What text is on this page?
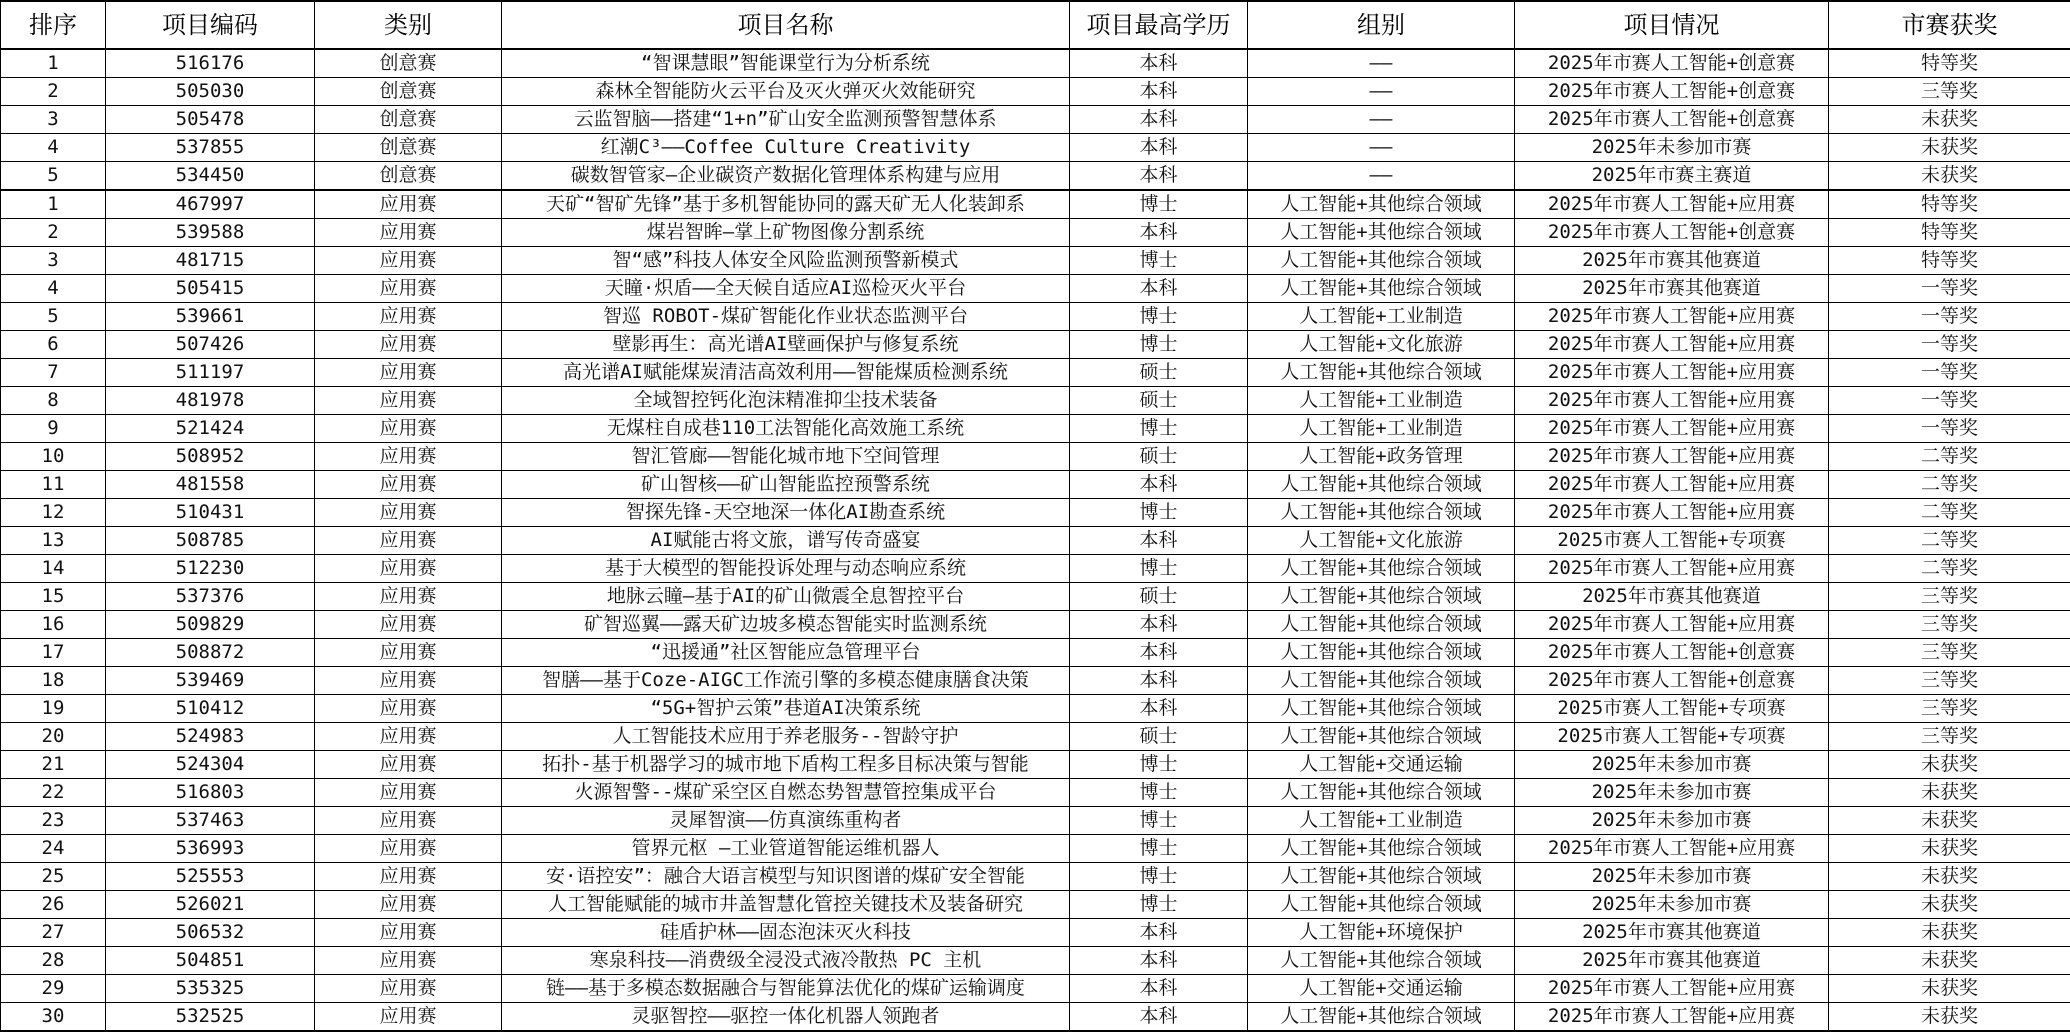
排序	项目编码	类别	项目名称	项目最高学历	组别	项目情况	市赛获奖
1	516176	创意赛	“智课慧眼”智能课堂行为分析系统	本科	——	2025年市赛人工智能+创意赛	特等奖
2	505030	创意赛	森林全智能防火云平台及灭火弹灭火效能研究	本科	——	2025年市赛人工智能+创意赛	三等奖
3	505478	创意赛	云监智脑——搭建“1+n”矿山安全监测预警智慧体系	本科	——	2025年市赛人工智能+创意赛	未获奖
4	537855	创意赛	红潮C³——Coffee Culture Creativity	本科	——	2025年未参加市赛	未获奖
5	534450	创意赛	碳数智管家—企业碳资产数据化管理体系构建与应用	本科	——	2025年市赛主赛道	未获奖
1	467997	应用赛	天矿“智矿先锋”基于多机智能协同的露天矿无人化装卸系	博士	人工智能+其他综合领域	2025年市赛人工智能+应用赛	特等奖
2	539588	应用赛	煤岩智眸—掌上矿物图像分割系统	本科	人工智能+其他综合领域	2025年市赛人工智能+创意赛	特等奖
3	481715	应用赛	智“感”科技人体安全风险监测预警新模式	博士	人工智能+其他综合领域	2025年市赛其他赛道	特等奖
4	505415	应用赛	天瞳·炽盾——全天候自适应AI巡检灭火平台	本科	人工智能+其他综合领域	2025年市赛其他赛道	一等奖
5	539661	应用赛	智巡 ROBOT-煤矿智能化作业状态监测平台	博士	人工智能+工业制造	2025年市赛人工智能+应用赛	一等奖
6	507426	应用赛	壁影再生：高光谱AI壁画保护与修复系统	博士	人工智能+文化旅游	2025年市赛人工智能+应用赛	一等奖
7	511197	应用赛	高光谱AI赋能煤炭清洁高效利用——智能煤质检测系统	硕士	人工智能+其他综合领域	2025年市赛人工智能+应用赛	一等奖
8	481978	应用赛	全域智控钙化泡沫精准抑尘技术装备	硕士	人工智能+工业制造	2025年市赛人工智能+应用赛	一等奖
9	521424	应用赛	无煤柱自成巷110工法智能化高效施工系统	博士	人工智能+工业制造	2025年市赛人工智能+应用赛	一等奖
10	508952	应用赛	智汇管廊——智能化城市地下空间管理	硕士	人工智能+政务管理	2025年市赛人工智能+应用赛	二等奖
11	481558	应用赛	矿山智核——矿山智能监控预警系统	本科	人工智能+其他综合领域	2025年市赛人工智能+应用赛	二等奖
12	510431	应用赛	智探先锋-天空地深一体化AI勘查系统	博士	人工智能+其他综合领域	2025年市赛人工智能+应用赛	二等奖
13	508785	应用赛	AI赋能古将文旅，谱写传奇盛宴	本科	人工智能+文化旅游	2025市赛人工智能+专项赛	二等奖
14	512230	应用赛	基于大模型的智能投诉处理与动态响应系统	博士	人工智能+其他综合领域	2025年市赛人工智能+应用赛	二等奖
15	537376	应用赛	地脉云瞳—基于AI的矿山微震全息智控平台	硕士	人工智能+其他综合领域	2025年市赛其他赛道	三等奖
16	509829	应用赛	矿智巡翼——露天矿边坡多模态智能实时监测系统	本科	人工智能+其他综合领域	2025年市赛人工智能+应用赛	三等奖
17	508872	应用赛	“迅援通”社区智能应急管理平台	本科	人工智能+其他综合领域	2025年市赛人工智能+创意赛	三等奖
18	539469	应用赛	智膳——基于Coze-AIGC工作流引擎的多模态健康膳食决策	本科	人工智能+其他综合领域	2025年市赛人工智能+创意赛	三等奖
19	510412	应用赛	“5G+智护云策”巷道AI决策系统	本科	人工智能+其他综合领域	2025市赛人工智能+专项赛	三等奖
20	524983	应用赛	人工智能技术应用于养老服务--智龄守护	硕士	人工智能+其他综合领域	2025市赛人工智能+专项赛	三等奖
21	524304	应用赛	拓扑-基于机器学习的城市地下盾构工程多目标决策与智能	博士	人工智能+交通运输	2025年未参加市赛	未获奖
22	516803	应用赛	火源智警--煤矿采空区自燃态势智慧管控集成平台	博士	人工智能+其他综合领域	2025年未参加市赛	未获奖
23	537463	应用赛	灵犀智演——仿真演练重构者	博士	人工智能+工业制造	2025年未参加市赛	未获奖
24	536993	应用赛	管界元枢 —工业管道智能运维机器人	博士	人工智能+其他综合领域	2025年市赛人工智能+应用赛	未获奖
25	525553	应用赛	安·语控安”：融合大语言模型与知识图谱的煤矿安全智能	博士	人工智能+其他综合领域	2025年未参加市赛	未获奖
26	526021	应用赛	人工智能赋能的城市井盖智慧化管控关键技术及装备研究	博士	人工智能+其他综合领域	2025年未参加市赛	未获奖
27	506532	应用赛	硅盾护林——固态泡沫灭火科技	本科	人工智能+环境保护	2025年市赛其他赛道	未获奖
28	504851	应用赛	寒泉科技——消费级全浸没式液冷散热 PC 主机	本科	人工智能+其他综合领域	2025年市赛其他赛道	未获奖
29	535325	应用赛	链——基于多模态数据融合与智能算法优化的煤矿运输调度	本科	人工智能+交通运输	2025年市赛人工智能+应用赛	未获奖
30	532525	应用赛	灵驱智控——驱控一体化机器人领跑者	本科	人工智能+其他综合领域	2025年市赛人工智能+应用赛	未获奖
